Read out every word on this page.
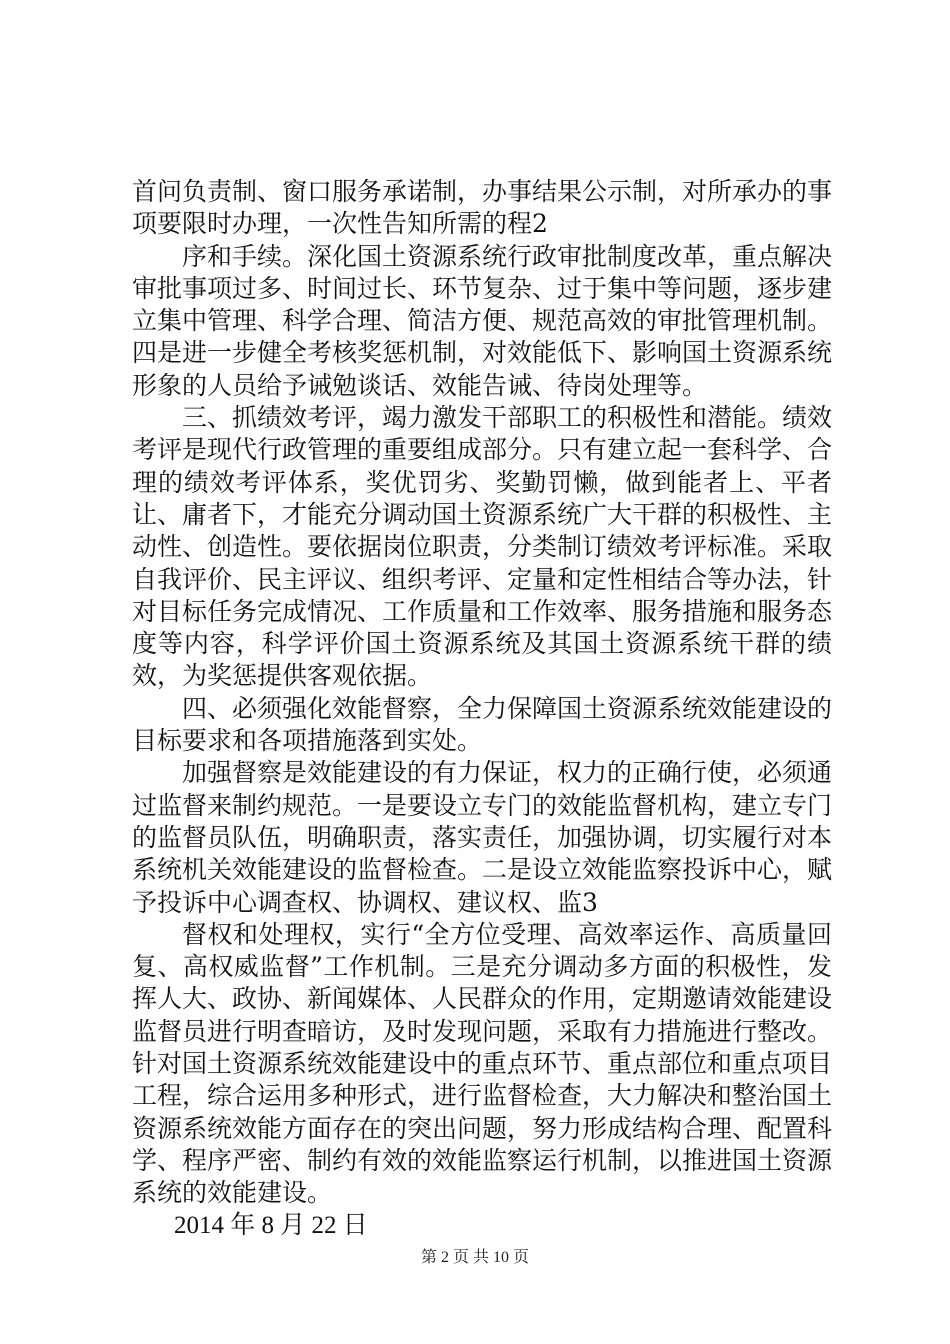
首问负责制、窗口服务承诺制，办事结果公示制，对所承办的事项要限时办理，一次性告知所需的程2

序和手续。深化国土资源系统行政审批制度改革，重点解决审批事项过多、时间过长、环节复杂、过于集中等问题，逐步建立集中管理、科学合理、简洁方便、规范高效的审批管理机制。四是进一步健全考核奖惩机制，对效能低下、影响国土资源系统形象的人员给予诫勉谈话、效能告诫、待岗处理等。

三、抓绩效考评，竭力激发干部职工的积极性和潜能。绩效考评是现代行政管理的重要组成部分。只有建立起一套科学、合理的绩效考评体系，奖优罚劣、奖勤罚懒，做到能者上、平者让、庸者下，才能充分调动国土资源系统广大干群的积极性、主动性、创造性。要依据岗位职责，分类制订绩效考评标准。采取自我评价、民主评议、组织考评、定量和定性相结合等办法，针对目标任务完成情况、工作质量和工作效率、服务措施和服务态度等内容，科学评价国土资源系统及其国土资源系统干群的绩效，为奖惩提供客观依据。

四、必须强化效能督察，全力保障国土资源系统效能建设的目标要求和各项措施落到实处。

加强督察是效能建设的有力保证，权力的正确行使，必须通过监督来制约规范。一是要设立专门的效能监督机构，建立专门的监督员队伍，明确职责，落实责任，加强协调，切实履行对本系统机关效能建设的监督检查。二是设立效能监察投诉中心，赋予投诉中心调查权、协调权、建议权、监3

督权和处理权，实行“全方位受理、高效率运作、高质量回复、高权威监督”工作机制。三是充分调动多方面的积极性，发挥人大、政协、新闻媒体、人民群众的作用，定期邀请效能建设监督员进行明查暗访，及时发现问题，采取有力措施进行整改。针对国土资源系统效能建设中的重点环节、重点部位和重点项目工程，综合运用多种形式，进行监督检查，大力解决和整治国土资源系统效能方面存在的突出问题，努力形成结构合理、配置科学、程序严密、制约有效的效能监察运行机制，以推进国土资源系统的效能建设。

2014 年 8 月 22 日

第 2 页 共 10 页
